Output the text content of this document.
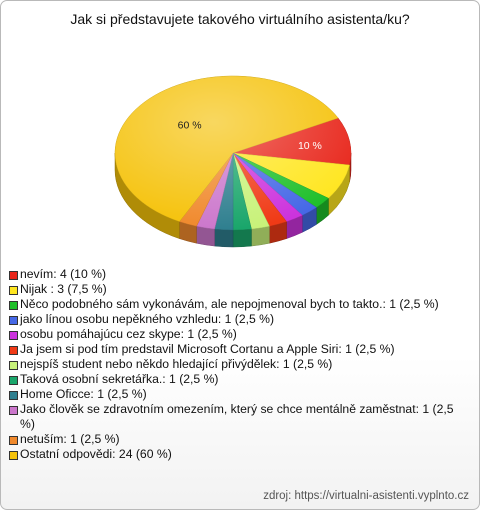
Jak si představujete takového virtuálního asistenta/ku?
10 %
60 %
nevím: 4 (10 %)
Nijak : 3 (7,5 %)
Něco podobného sám vykonávám, ale nepojmenoval bych to takto.: 1 (2,5 %)
jako línou osobu nepěkného vzhledu: 1 (2,5 %)
osobu pomáhajúcu cez skype: 1 (2,5 %)
Ja jsem si pod tím predstavil Microsoft Cortanu a Apple Siri: 1 (2,5 %)
nejspíš student nebo někdo hledající přivýdělek: 1 (2,5 %)
Taková osobní sekretářka.: 1 (2,5 %)
Home Oficce: 1 (2,5 %)
Jako člověk se zdravotním omezením, který se chce mentálně zaměstnat: 1 (2,5 %)
netuším: 1 (2,5 %)
Ostatní odpovědi: 24 (60 %)
zdroj: https://virtualni-asistenti.vyplnto.cz
